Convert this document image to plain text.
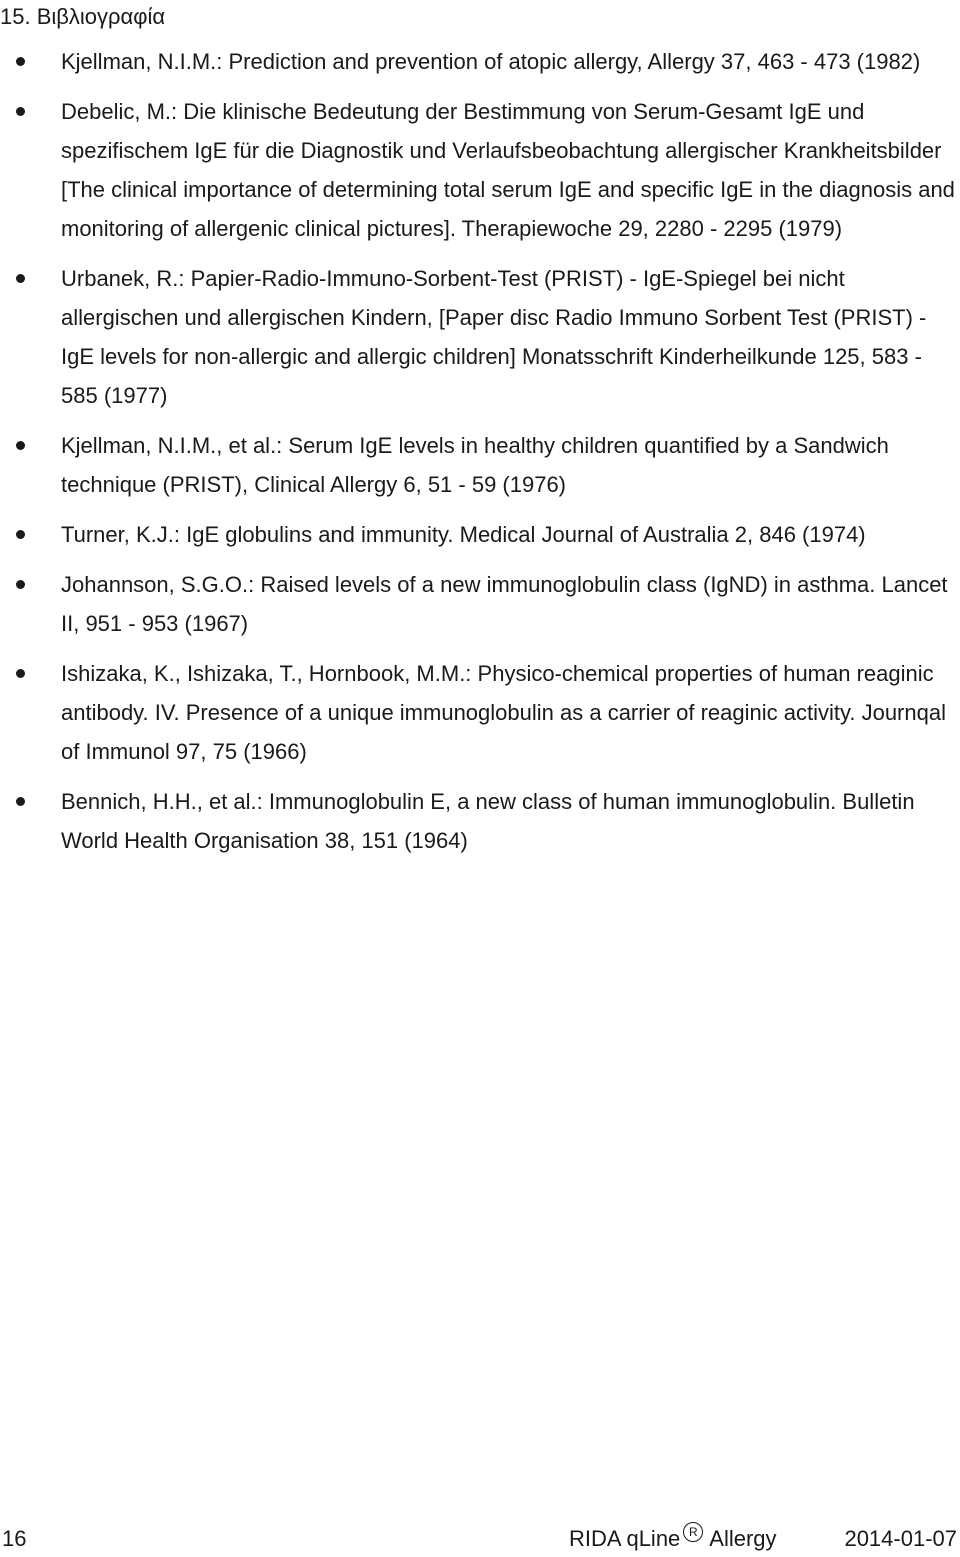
15. Βιβλιογραφία
Kjellman, N.I.M.: Prediction and prevention of atopic allergy, Allergy 37, 463 - 473 (1982)
Debelic, M.: Die klinische Bedeutung der Bestimmung von Serum-Gesamt IgE und spezifischem IgE für die Diagnostik und Verlaufsbeobachtung allergischer Krankheitsbilder [The clinical importance of determining total serum IgE and specific IgE in the diagnosis and monitoring of allergenic clinical pictures]. Therapiewoche 29, 2280 - 2295 (1979)
Urbanek, R.: Papier-Radio-Immuno-Sorbent-Test (PRIST) - IgE-Spiegel bei nicht allergischen und allergischen Kindern, [Paper disc Radio Immuno Sorbent Test (PRIST) - IgE levels for non-allergic and allergic children] Monatsschrift Kinderheilkunde 125, 583 - 585 (1977)
Kjellman, N.I.M., et al.: Serum IgE levels in healthy children quantified by a Sandwich technique (PRIST), Clinical Allergy 6, 51 - 59 (1976)
Turner, K.J.: IgE globulins and immunity. Medical Journal of Australia 2, 846 (1974)
Johannson, S.G.O.: Raised levels of a new immunoglobulin class (IgND) in asthma. Lancet II, 951 - 953 (1967)
Ishizaka, K., Ishizaka, T., Hornbook, M.M.: Physico-chemical properties of human reaginic antibody. IV. Presence of a unique immunoglobulin as a carrier of reaginic activity. Journqal of Immunol 97, 75 (1966)
Bennich, H.H., et al.: Immunoglobulin E, a new class of human immunoglobulin. Bulletin World Health Organisation 38, 151 (1964)
16	RIDA qLine R Allergy	2014-01-07
